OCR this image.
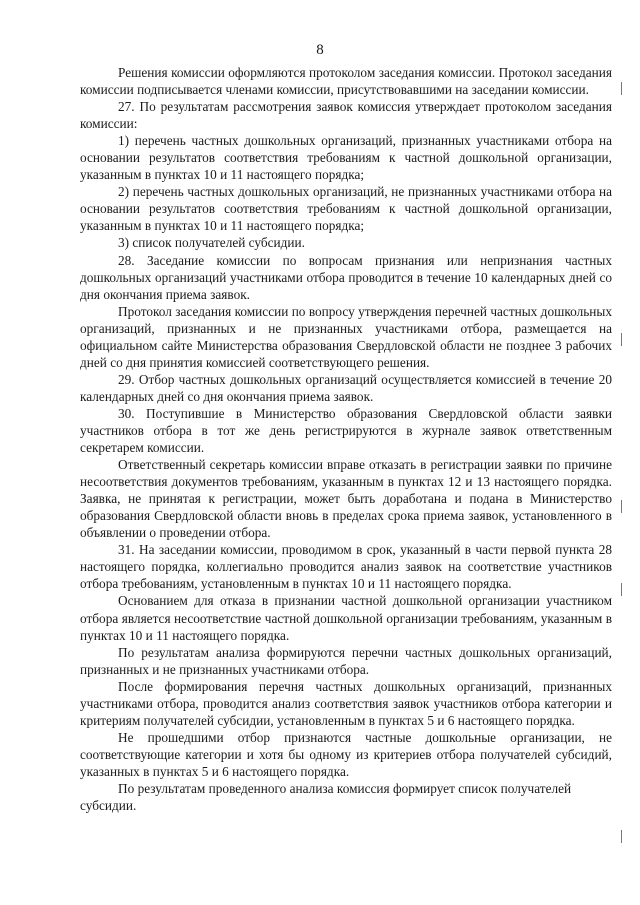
8

Решения комиссии оформляются протоколом заседания комиссии. Протокол заседания комиссии подписывается членами комиссии, присутствовавшими на заседании комиссии.

27. По результатам рассмотрения заявок комиссия утверждает протоколом заседания комиссии:

1) перечень частных дошкольных организаций, признанных участниками отбора на основании результатов соответствия требованиям к частной дошкольной организации, указанным в пунктах 10 и 11 настоящего порядка;

2) перечень частных дошкольных организаций, не признанных участниками отбора на основании результатов соответствия требованиям к частной дошкольной организации, указанным в пунктах 10 и 11 настоящего порядка;

3) список получателей субсидии.

28. Заседание комиссии по вопросам признания или непризнания частных дошкольных организаций участниками отбора проводится в течение 10 календарных дней со дня окончания приема заявок.

Протокол заседания комиссии по вопросу утверждения перечней частных дошкольных организаций, признанных и не признанных участниками отбора, размещается на официальном сайте Министерства образования Свердловской области не позднее 3 рабочих дней со дня принятия комиссией соответствующего решения.

29. Отбор частных дошкольных организаций осуществляется комиссией в течение 20 календарных дней со дня окончания приема заявок.

30. Поступившие в Министерство образования Свердловской области заявки участников отбора в тот же день регистрируются в журнале заявок ответственным секретарем комиссии.

Ответственный секретарь комиссии вправе отказать в регистрации заявки по причине несоответствия документов требованиям, указанным в пунктах 12 и 13 настоящего порядка. Заявка, не принятая к регистрации, может быть доработана и подана в Министерство образования Свердловской области вновь в пределах срока приема заявок, установленного в объявлении о проведении отбора.

31. На заседании комиссии, проводимом в срок, указанный в части первой пункта 28 настоящего порядка, коллегиально проводится анализ заявок на соответствие участников отбора требованиям, установленным в пунктах 10 и 11 настоящего порядка.

Основанием для отказа в признании частной дошкольной организации участником отбора является несоответствие частной дошкольной организации требованиям, указанным в пунктах 10 и 11 настоящего порядка.

По результатам анализа формируются перечни частных дошкольных организаций, признанных и не признанных участниками отбора.

После формирования перечня частных дошкольных организаций, признанных участниками отбора, проводится анализ соответствия заявок участников отбора категории и критериям получателей субсидии, установленным в пунктах 5 и 6 настоящего порядка.

Не прошедшими отбор признаются частные дошкольные организации, не соответствующие категории и хотя бы одному из критериев отбора получателей субсидий, указанных в пунктах 5 и 6 настоящего порядка.

По результатам проведенного анализа комиссия формирует список получателей субсидии.
